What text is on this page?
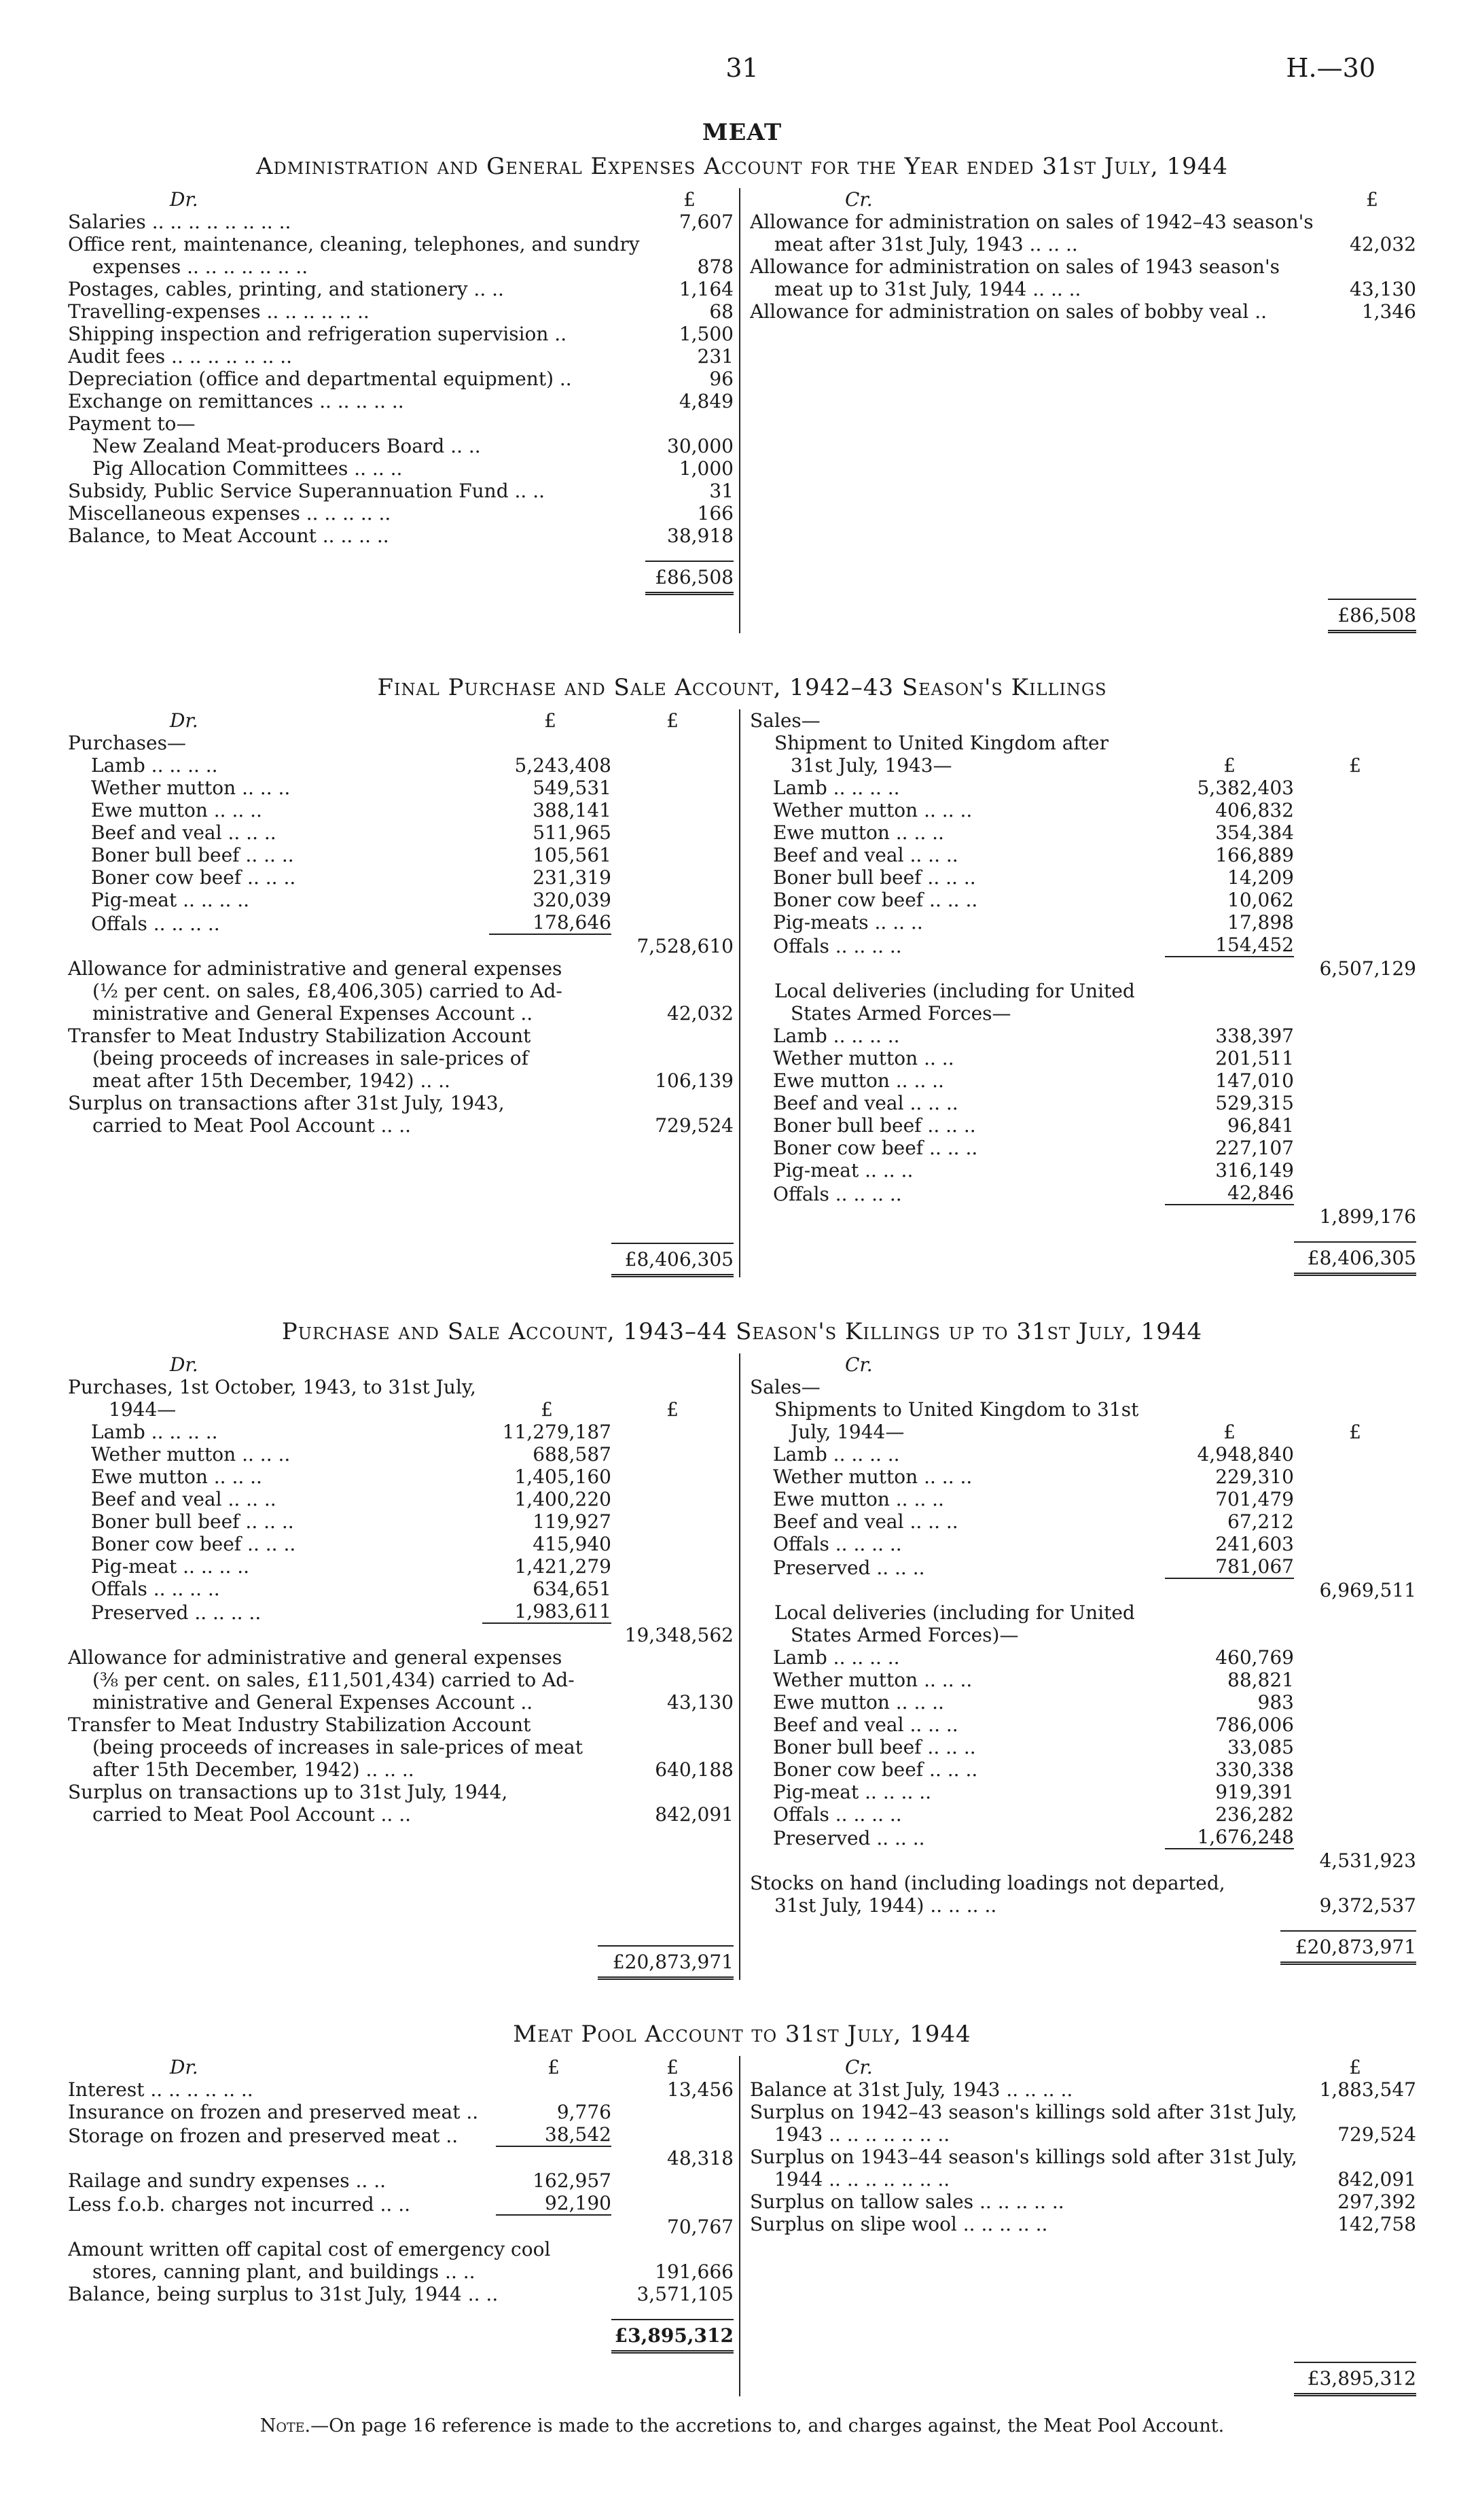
31	H.—30
MEAT
Administration and General Expenses Account for the Year ended 31st July, 1944
Dr.	£
Salaries .. .. .. .. .. .. .. ..	7,607
Office rent, maintenance, cleaning, telephones, and sundry
expenses .. .. .. .. .. .. ..	878
Postages, cables, printing, and stationery .. ..	1,164
Travelling-expenses .. .. .. .. .. ..	68
Shipping inspection and refrigeration supervision ..	1,500
Audit fees .. .. .. .. .. .. ..	231
Depreciation (office and departmental equipment) ..	96
Exchange on remittances .. .. .. .. ..	4,849
Payment to—
New Zealand Meat-producers Board .. ..	30,000
Pig Allocation Committees .. .. ..	1,000
Subsidy, Public Service Superannuation Fund .. ..	31
Miscellaneous expenses .. .. .. .. ..	166
Balance, to Meat Account .. .. .. ..	38,918
£86,508
Cr.	£
Allowance for administration on sales of 1942–43 season's
meat after 31st July, 1943 .. .. ..	42,032
Allowance for administration on sales of 1943 season's
meat up to 31st July, 1944 .. .. ..	43,130
Allowance for administration on sales of bobby veal ..	1,346
£86,508
Final Purchase and Sale Account, 1942–43 Season's Killings
Dr.	£	£
Purchases—
Lamb .. .. .. ..	5,243,408
Wether mutton .. .. ..	549,531
Ewe mutton .. .. ..	388,141
Beef and veal .. .. ..	511,965
Boner bull beef .. .. ..	105,561
Boner cow beef .. .. ..	231,319
Pig-meat .. .. .. ..	320,039
Offals .. .. .. ..	178,646
7,528,610
Allowance for administrative and general expenses
(½ per cent. on sales, £8,406,305) carried to Ad-
ministrative and General Expenses Account ..	42,032
Transfer to Meat Industry Stabilization Account
(being proceeds of increases in sale-prices of
meat after 15th December, 1942) .. ..	106,139
Surplus on transactions after 31st July, 1943,
carried to Meat Pool Account .. ..	729,524
£8,406,305
Sales—
Shipment to United Kingdom after
31st July, 1943—	£	£
Lamb .. .. .. ..	5,382,403
Wether mutton .. .. ..	406,832
Ewe mutton .. .. ..	354,384
Beef and veal .. .. ..	166,889
Boner bull beef .. .. ..	14,209
Boner cow beef .. .. ..	10,062
Pig-meats .. .. ..	17,898
Offals .. .. .. ..	154,452
6,507,129
Local deliveries (including for United
States Armed Forces—
Lamb .. .. .. ..	338,397
Wether mutton .. ..	201,511
Ewe mutton .. .. ..	147,010
Beef and veal .. .. ..	529,315
Boner bull beef .. .. ..	96,841
Boner cow beef .. .. ..	227,107
Pig-meat .. .. ..	316,149
Offals .. .. .. ..	42,846
1,899,176
£8,406,305
Purchase and Sale Account, 1943–44 Season's Killings up to 31st July, 1944
Dr.
Purchases, 1st October, 1943, to 31st July,
1944—	£	£
Lamb .. .. .. ..	11,279,187
Wether mutton .. .. ..	688,587
Ewe mutton .. .. ..	1,405,160
Beef and veal .. .. ..	1,400,220
Boner bull beef .. .. ..	119,927
Boner cow beef .. .. ..	415,940
Pig-meat .. .. .. ..	1,421,279
Offals .. .. .. ..	634,651
Preserved .. .. .. ..	1,983,611
19,348,562
Allowance for administrative and general expenses
(⅜ per cent. on sales, £11,501,434) carried to Ad-
ministrative and General Expenses Account ..	43,130
Transfer to Meat Industry Stabilization Account
(being proceeds of increases in sale-prices of meat
after 15th December, 1942) .. .. ..	640,188
Surplus on transactions up to 31st July, 1944,
carried to Meat Pool Account .. ..	842,091
£20,873,971
Cr.
Sales—
Shipments to United Kingdom to 31st
July, 1944—	£	£
Lamb .. .. .. ..	4,948,840
Wether mutton .. .. ..	229,310
Ewe mutton .. .. ..	701,479
Beef and veal .. .. ..	67,212
Offals .. .. .. ..	241,603
Preserved .. .. ..	781,067
6,969,511
Local deliveries (including for United
States Armed Forces)—
Lamb .. .. .. ..	460,769
Wether mutton .. .. ..	88,821
Ewe mutton .. .. ..	983
Beef and veal .. .. ..	786,006
Boner bull beef .. .. ..	33,085
Boner cow beef .. .. ..	330,338
Pig-meat .. .. .. ..	919,391
Offals .. .. .. ..	236,282
Preserved .. .. ..	1,676,248
4,531,923
Stocks on hand (including loadings not departed,
31st July, 1944) .. .. .. ..	9,372,537
£20,873,971
Meat Pool Account to 31st July, 1944
Dr.	£	£
Interest .. .. .. .. .. ..	13,456
Insurance on frozen and preserved meat ..	9,776
Storage on frozen and preserved meat ..	38,542
48,318
Railage and sundry expenses .. ..	162,957
Less f.o.b. charges not incurred .. ..	92,190
70,767
Amount written off capital cost of emergency cool
stores, canning plant, and buildings .. ..	191,666
Balance, being surplus to 31st July, 1944 .. ..	3,571,105
£3,895,312
Cr.	£
Balance at 31st July, 1943 .. .. .. ..	1,883,547
Surplus on 1942–43 season's killings sold after 31st July,
1943 .. .. .. .. .. .. ..	729,524
Surplus on 1943–44 season's killings sold after 31st July,
1944 .. .. .. .. .. .. ..	842,091
Surplus on tallow sales .. .. .. .. ..	297,392
Surplus on slipe wool .. .. .. .. ..	142,758
£3,895,312
Note.—On page 16 reference is made to the accretions to, and charges against, the Meat Pool Account.
